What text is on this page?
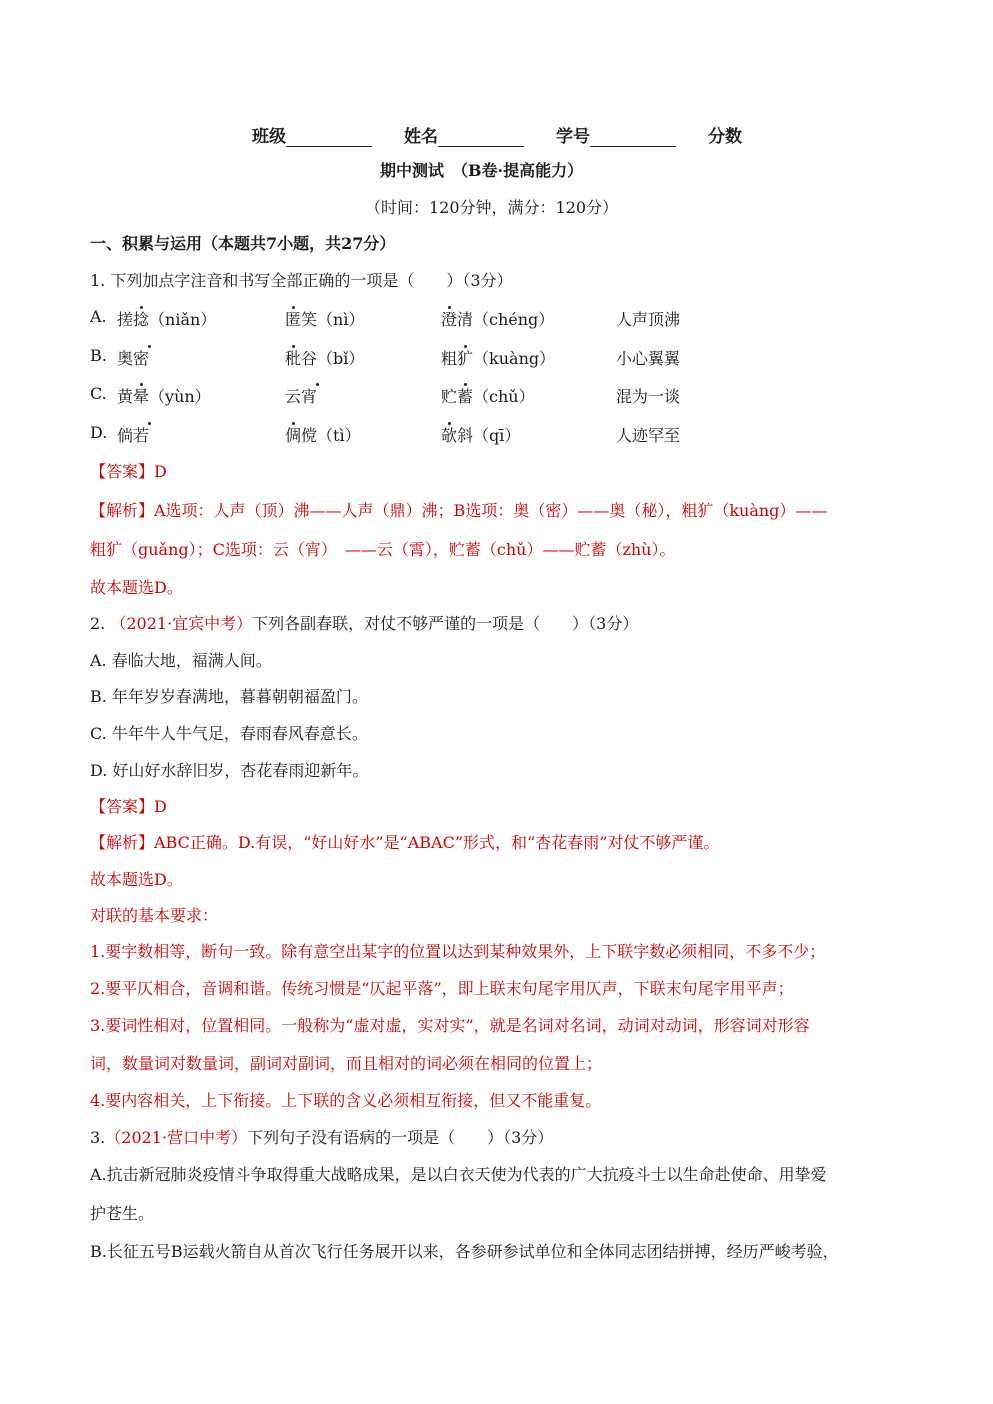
班级	姓名	学号	分数
期中测试　（B卷·提高能力）
（时间：120分钟，满分：120分）
一、积累与运用（本题共7小题，共27分）
1. 下列加点字注音和书写全部正确的一项是（　　）（3分）
A. 搓捻（niǎn）	匿笑（nì）	澄清（chéng）	人声顶沸
B. 奥密	秕谷（bǐ）	粗犷（kuàng）	小心翼翼
C. 黄晕（yùn）	云宵	贮蓄（chǔ）	混为一谈
D. 倘若	倜傥（tì）	欹斜（qī）	人迹罕至
【答案】D
【解析】A选项：人声（顶）沸——人声（鼎）沸；B选项：奥（密）——奥（秘），粗犷（kuàng）——
粗犷（guǎng）；C选项：云（宵）　——云（霄），贮蓄（chǔ）——贮蓄（zhù）。
故本题选D。
2. （2021·宜宾中考）下列各副春联，对仗不够严谨的一项是（　　）（3分）
A. 春临大地，福满人间。
B. 年年岁岁春满地，暮暮朝朝福盈门。
C. 牛年牛人牛气足，春雨春风春意长。
D. 好山好水辞旧岁，杏花春雨迎新年。
【答案】D
【解析】ABC正确。D.有误，“好山好水”是“ABAC”形式，和“杏花春雨”对仗不够严谨。
故本题选D。
对联的基本要求：
1.要字数相等，断句一致。除有意空出某字的位置以达到某种效果外，上下联字数必须相同，不多不少；
2.要平仄相合，音调和谐。传统习惯是“仄起平落”，即上联末句尾字用仄声，下联末句尾字用平声；
3.要词性相对，位置相同。一般称为“虚对虚，实对实”，就是名词对名词，动词对动词，形容词对形容
词，数量词对数量词，副词对副词，而且相对的词必须在相同的位置上；
4.要内容相关，上下衔接。上下联的含义必须相互衔接，但又不能重复。
3.（2021·营口中考）下列句子没有语病的一项是（　　）（3分）
A.抗击新冠肺炎疫情斗争取得重大战略成果，是以白衣天使为代表的广大抗疫斗士以生命赴使命、用挚爱
护苍生。
B.长征五号B运载火箭自从首次飞行任务展开以来，各参研参试单位和全体同志团结拼搏，经历严峻考验，
